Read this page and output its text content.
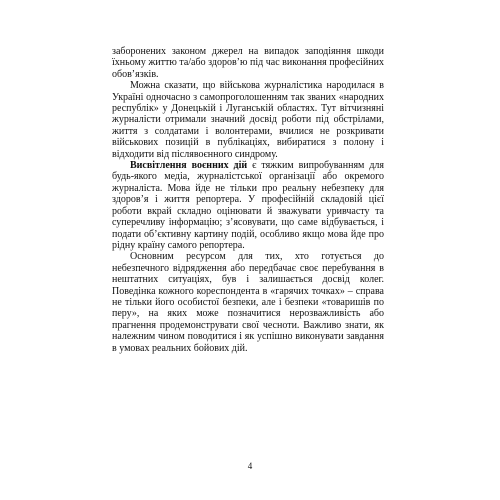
заборонених законом джерел на випадок заподіяння шкоди їхньому життю та/або здоров’ю під час виконання професійних обов’язків.

Можна сказати, що військова журналістика народилася в Україні одночасно з самопроголошенням так званих «народних республік» у Донецькій і Луганській областях. Тут вітчизняні журналісти отримали значний досвід роботи під обстрілами, життя з солдатами і волонтерами, вчилися не розкривати військових позицій в публікаціях, вибиратися з полону і відходити від післявоєнного синдрому.

Висвітлення воєнних дій є тяжким випробуванням для будь-якого медіа, журналістської організації або окремого журналіста. Мова йде не тільки про реальну небезпеку для здоров’я і життя репортера. У професійній складовій цієї роботи вкрай складно оцінювати й зважувати уривчасту та суперечливу інформацію; з’ясовувати, що саме відбувається, і подати об’єктивну картину подій, особливо якщо мова йде про рідну країну самого репортера.

Основним ресурсом для тих, хто готується до небезпечного відрядження або передбачає своє перебування в нештатних ситуаціях, був і залишається досвід колег. Поведінка кожного кореспондента в «гарячих точках» – справа не тільки його особистої безпеки, але і безпеки «товаришів по перу», на яких може позначитися нерозважливість або прагнення продемонструвати свої чесноти. Важливо знати, як належним чином поводитися і як успішно виконувати завдання в умовах реальних бойових дій.

4
